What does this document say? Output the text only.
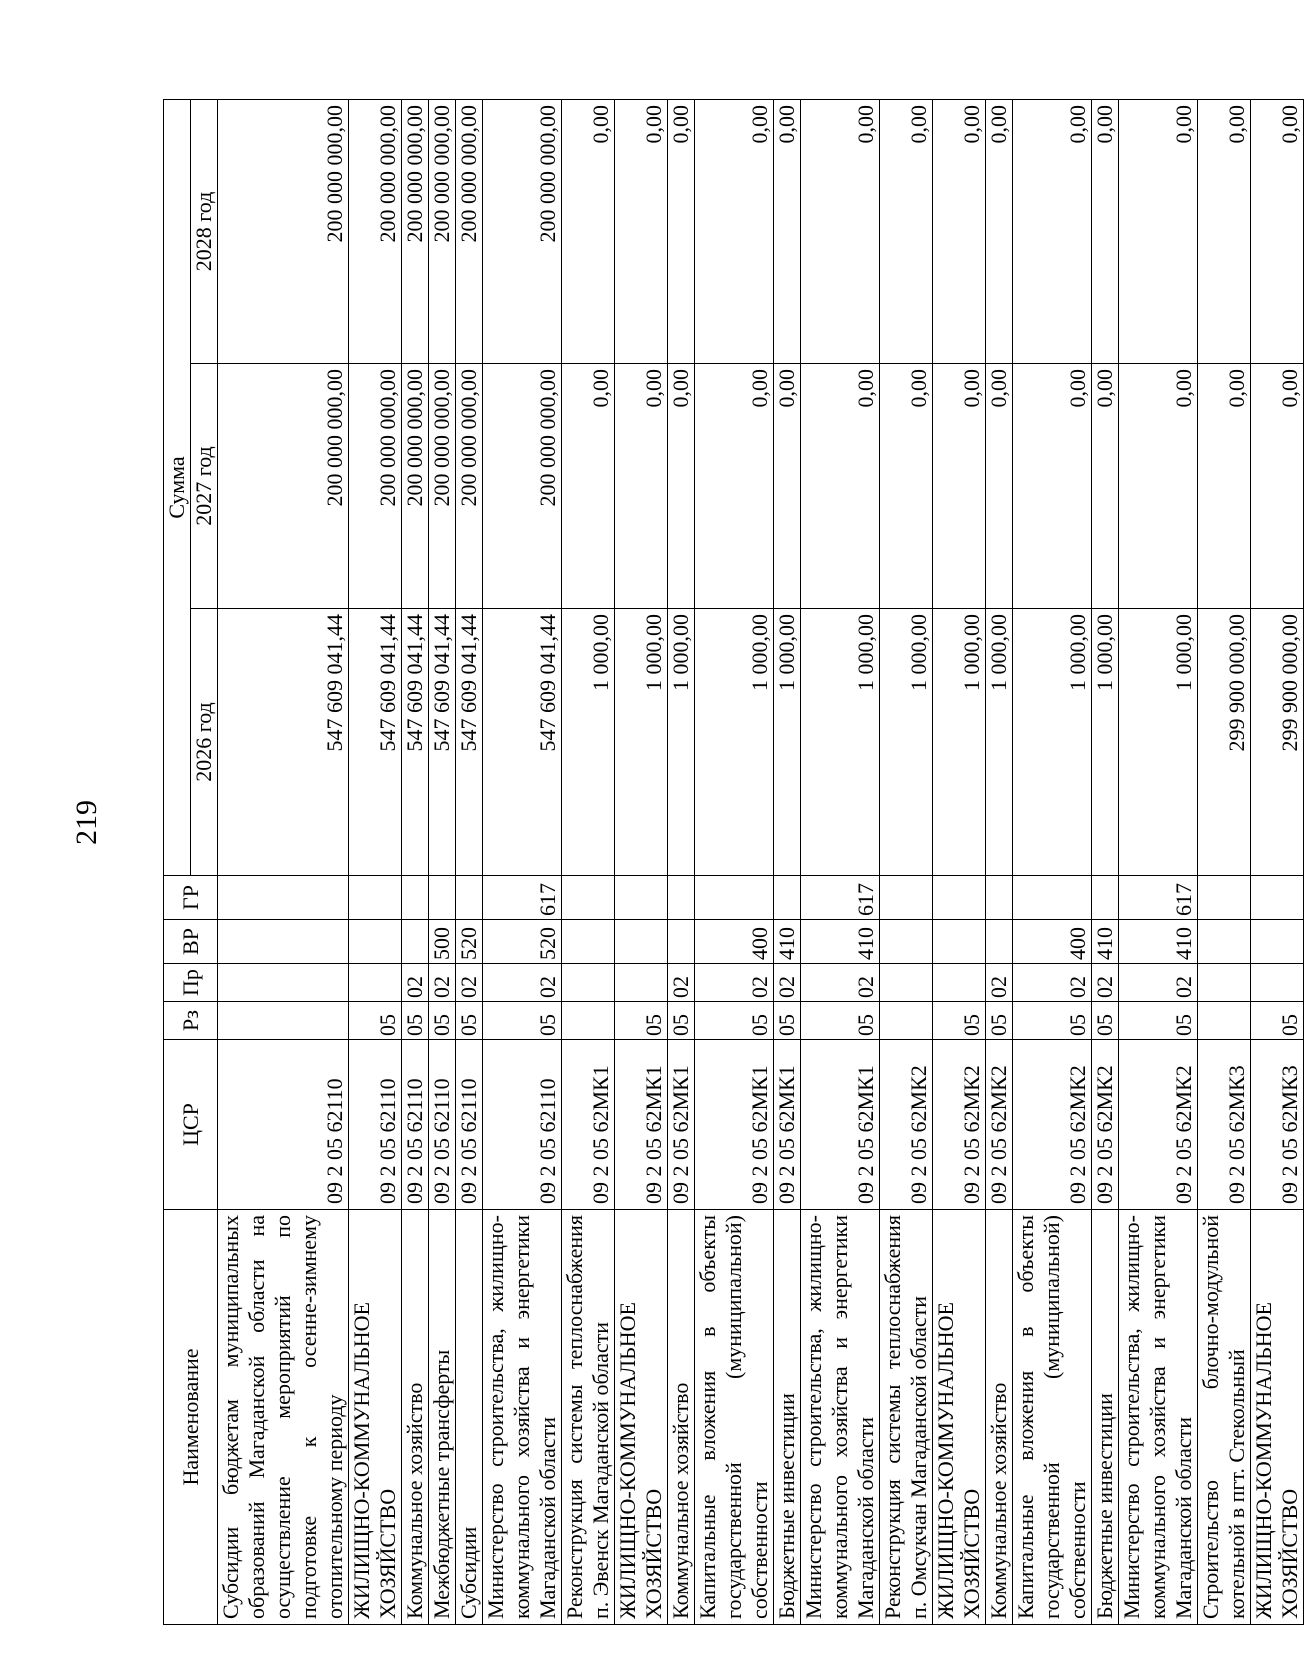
219
Наименование	ЦСР	Рз	Пр	ВР	ГР	Сумма		
						2026 год	2027 год	2028 год
Субсидии бюджетам муниципальных образований Магаданской области на осуществление мероприятий по подготовке к осенне-зимнему отопительному периоду	09 2 05 62110					547 609 041,44	200 000 000,00	200 000 000,00
ЖИЛИЩНО-КОММУНАЛЬНОЕ ХОЗЯЙСТВО	09 2 05 62110	05				547 609 041,44	200 000 000,00	200 000 000,00
Коммунальное хозяйство	09 2 05 62110	05	02			547 609 041,44	200 000 000,00	200 000 000,00
Межбюджетные трансферты	09 2 05 62110	05	02	500		547 609 041,44	200 000 000,00	200 000 000,00
Субсидии	09 2 05 62110	05	02	520		547 609 041,44	200 000 000,00	200 000 000,00
Министерство строительства, жилищно-коммунального хозяйства и энергетики Магаданской области	09 2 05 62110	05	02	520	617	547 609 041,44	200 000 000,00	200 000 000,00
Реконструкция системы теплоснабжения п. Эвенск Магаданской области	09 2 05 62МК1					1 000,00	0,00	0,00
ЖИЛИЩНО-КОММУНАЛЬНОЕ ХОЗЯЙСТВО	09 2 05 62МК1	05				1 000,00	0,00	0,00
Коммунальное хозяйство	09 2 05 62МК1	05	02			1 000,00	0,00	0,00
Капитальные вложения в объекты государственной (муниципальной) собственности	09 2 05 62МК1	05	02	400		1 000,00	0,00	0,00
Бюджетные инвестиции	09 2 05 62МК1	05	02	410		1 000,00	0,00	0,00
Министерство строительства, жилищно-коммунального хозяйства и энергетики Магаданской области	09 2 05 62МК1	05	02	410	617	1 000,00	0,00	0,00
Реконструкция системы теплоснабжения п. Омсукчан Магаданской области	09 2 05 62МК2					1 000,00	0,00	0,00
ЖИЛИЩНО-КОММУНАЛЬНОЕ ХОЗЯЙСТВО	09 2 05 62МК2	05				1 000,00	0,00	0,00
Коммунальное хозяйство	09 2 05 62МК2	05	02			1 000,00	0,00	0,00
Капитальные вложения в объекты государственной (муниципальной) собственности	09 2 05 62МК2	05	02	400		1 000,00	0,00	0,00
Бюджетные инвестиции	09 2 05 62МК2	05	02	410		1 000,00	0,00	0,00
Министерство строительства, жилищно-коммунального хозяйства и энергетики Магаданской области	09 2 05 62МК2	05	02	410	617	1 000,00	0,00	0,00
Строительство блочно-модульной котельной в пгт. Стекольный	09 2 05 62МК3					299 900 000,00	0,00	0,00
ЖИЛИЩНО-КОММУНАЛЬНОЕ ХОЗЯЙСТВО	09 2 05 62МК3	05				299 900 000,00	0,00	0,00
